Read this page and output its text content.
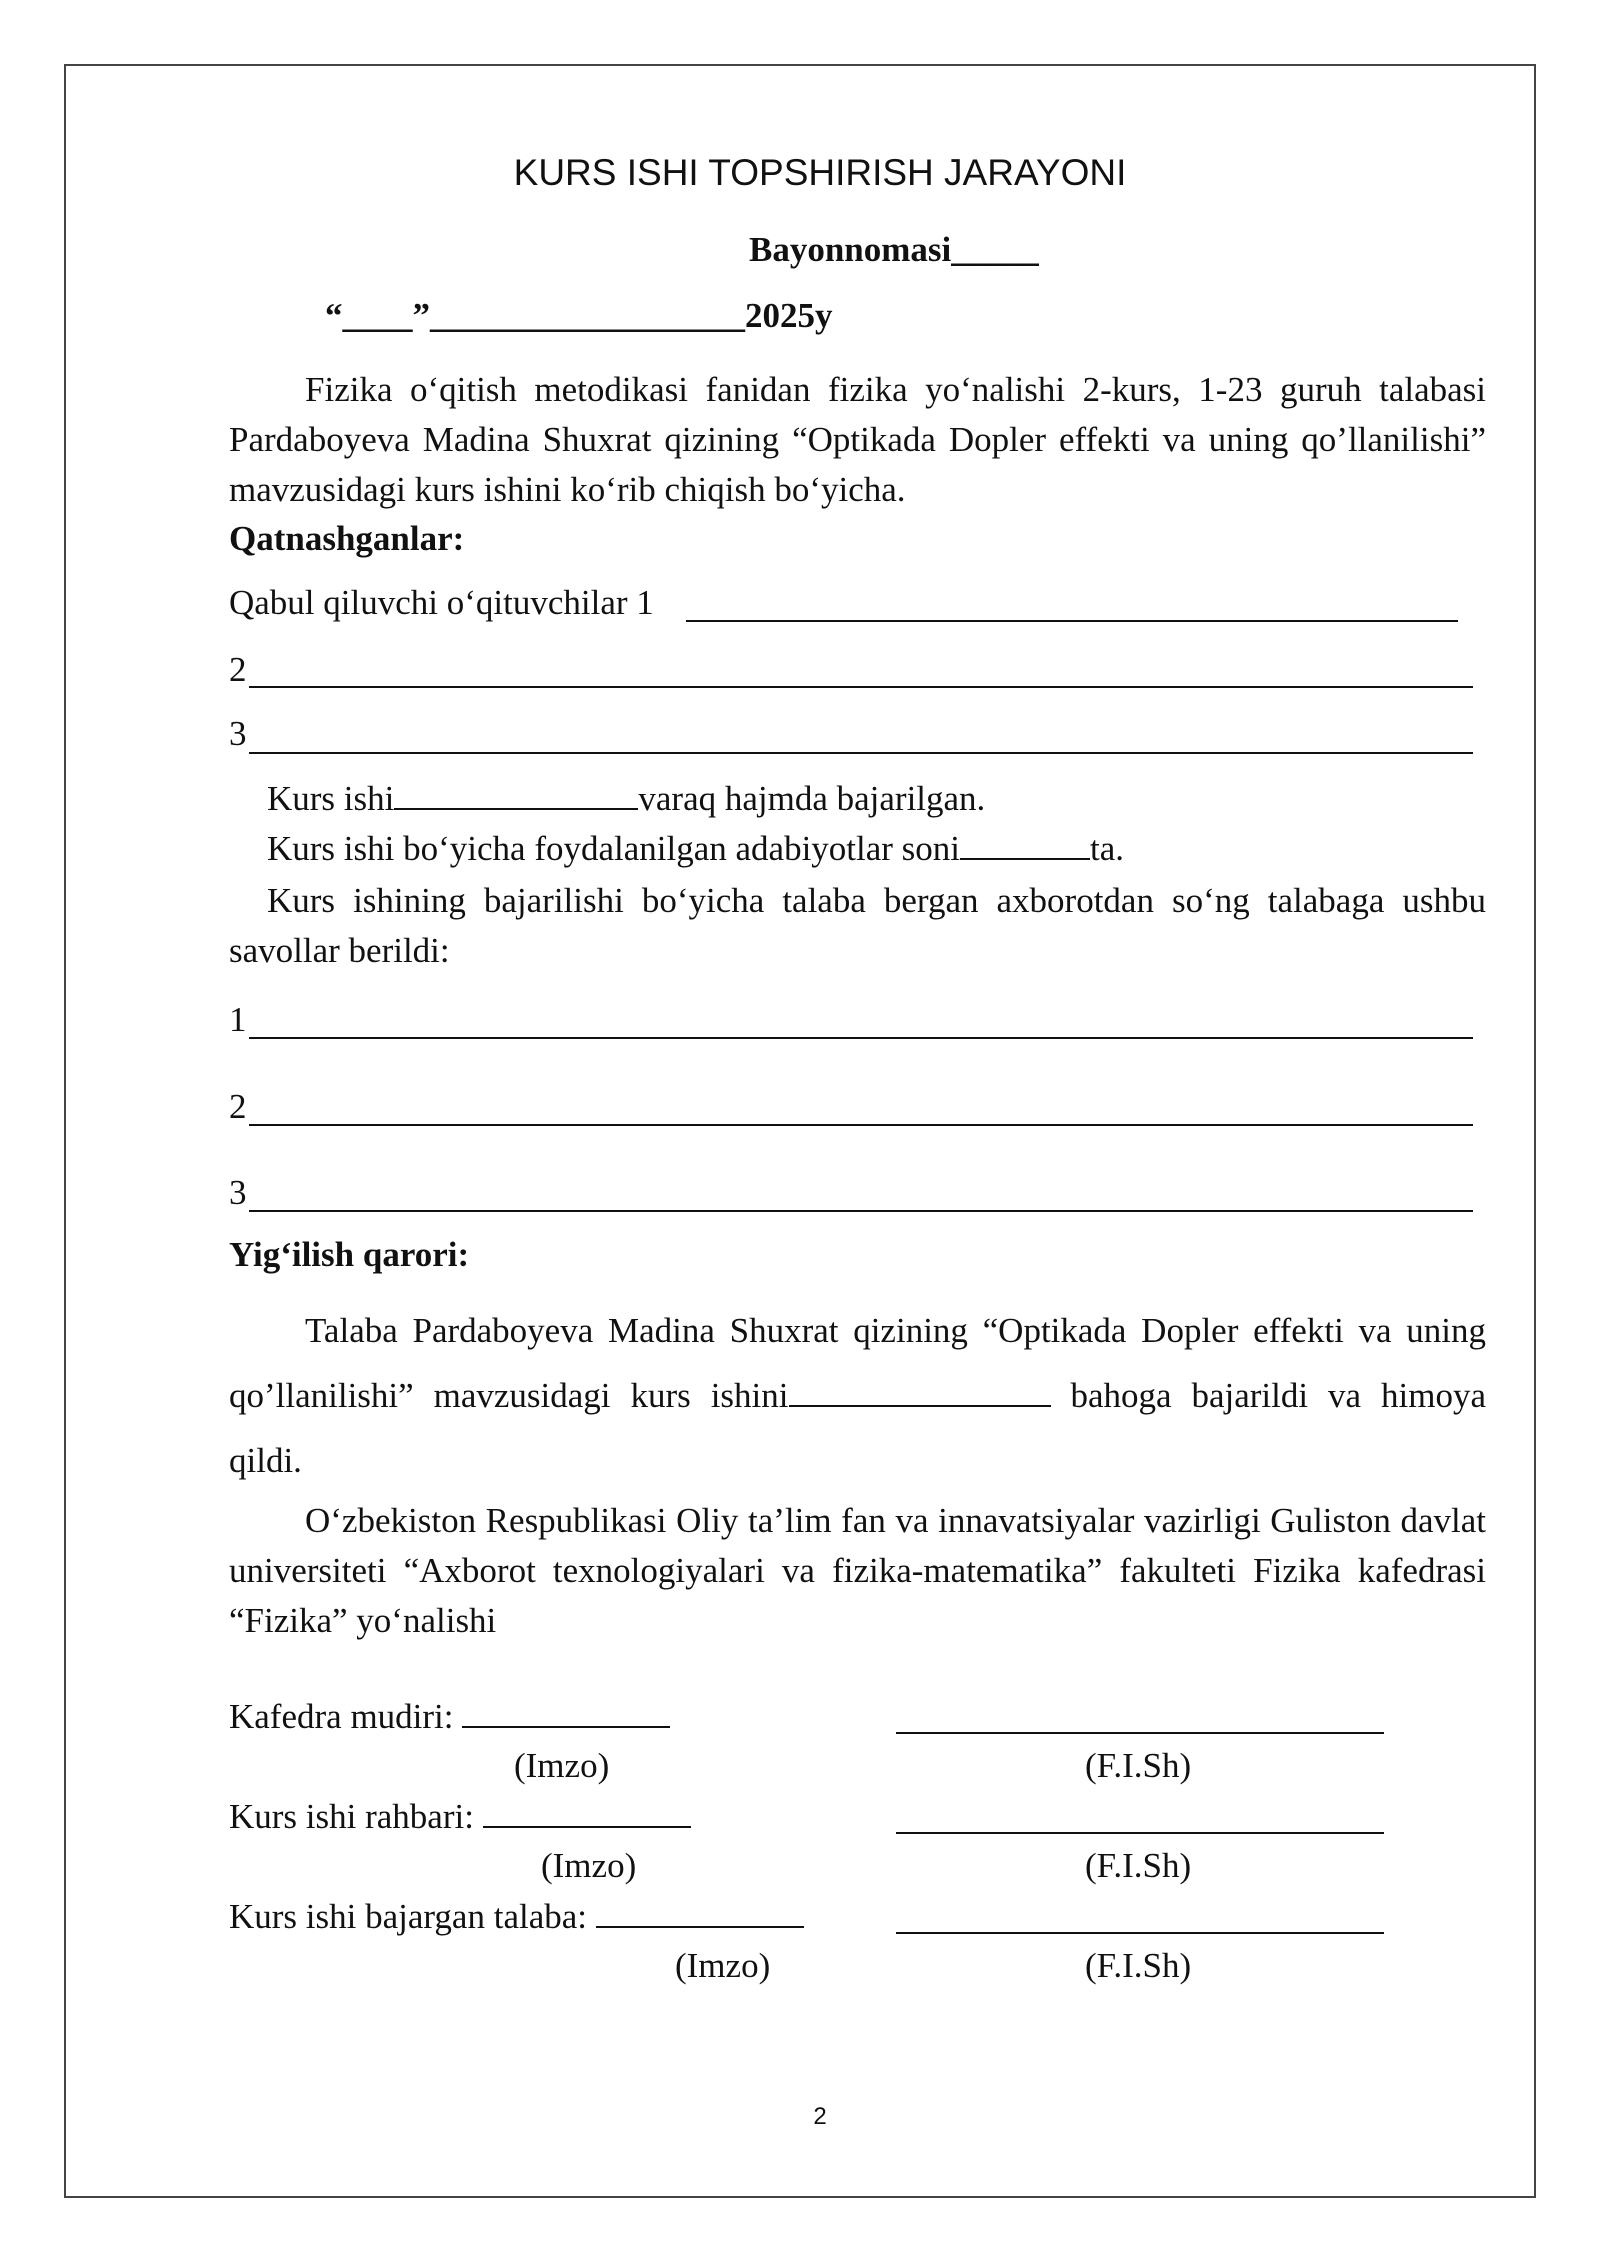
KURS ISHI TOPSHIRISH JARAYONI
Bayonnomasi_____
“____”__________________2025y
Fizika o‘qitish metodikasi fanidan fizika yo‘nalishi 2-kurs, 1-23 guruh talabasi Pardaboyeva Madina Shuxrat qizining “Optikada Dopler effekti va uning qo’llanilishi” mavzusidagi kurs ishini ko‘rib chiqish bo‘yicha.
Qatnashganlar:
Qabul qiluvchi o‘qituvchilar 1
2
3
Kurs ishi	varaq hajmda bajarilgan.
Kurs ishi bo‘yicha foydalanilgan adabiyotlar soni	ta.
Kurs ishining bajarilishi bo‘yicha talaba bergan axborotdan so‘ng talabaga ushbu savollar berildi:
1
2
3
Yig‘ilish qarori:
Talaba Pardaboyeva Madina Shuxrat qizining “Optikada Dopler effekti va uning qo’llanilishi” mavzusidagi kurs ishini	bahoga bajarildi va himoya qildi.
O‘zbekiston Respublikasi Oliy ta’lim fan va innavatsiyalar vazirligi Guliston davlat universiteti “Axborot texnologiyalari va fizika-matematika” fakulteti Fizika kafedrasi “Fizika” yo‘nalishi
Kafedra mudiri:
(Imzo)	(F.I.Sh)
Kurs ishi rahbari:
(Imzo)	(F.I.Sh)
Kurs ishi bajargan talaba:
(Imzo)	(F.I.Sh)
2
